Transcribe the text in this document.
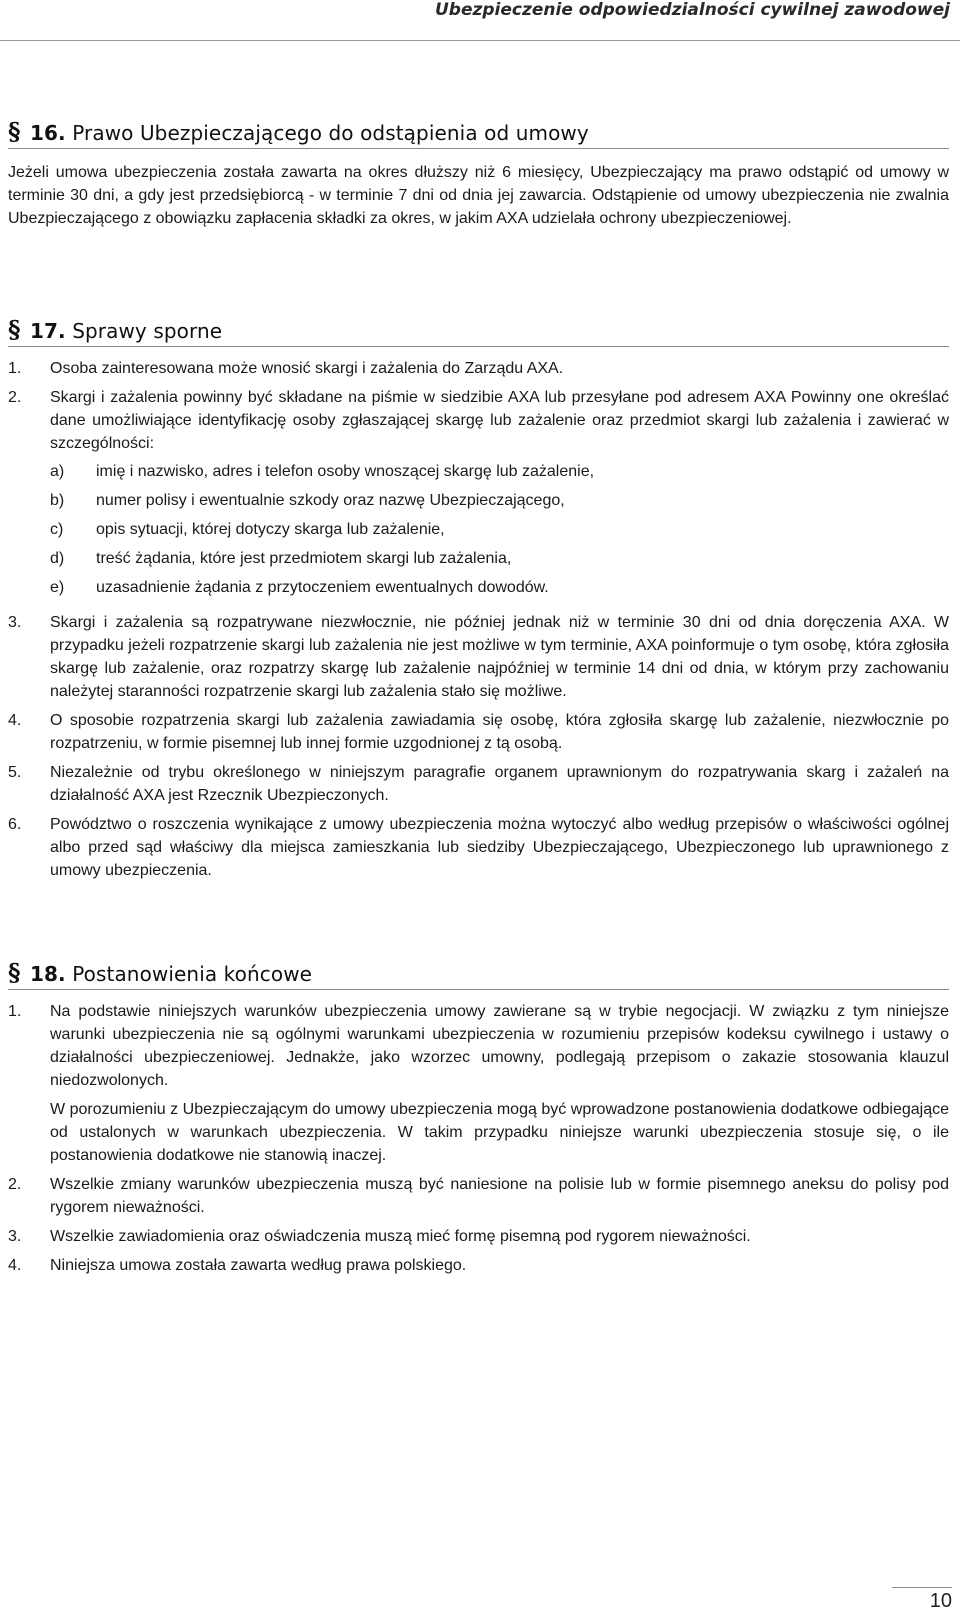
Ubezpieczenie odpowiedzialności cywilnej zawodowej
§ 16. Prawo Ubezpieczającego do odstąpienia od umowy
Jeżeli umowa ubezpieczenia została zawarta na okres dłuższy niż 6 miesięcy, Ubezpieczający ma prawo odstąpić od umowy w terminie 30 dni, a gdy jest przedsiębiorcą - w terminie 7 dni od dnia jej zawarcia. Odstąpienie od umowy ubezpieczenia nie zwalnia Ubezpieczającego z obowiązku zapłacenia składki za okres, w jakim AXA udzielała ochrony ubezpieczeniowej.
§ 17. Sprawy sporne
1.	Osoba zainteresowana może wnosić skargi i zażalenia do Zarządu AXA.
2.	Skargi i zażalenia powinny być składane na piśmie w siedzibie AXA lub przesyłane pod adresem AXA Powinny one określać dane umożliwiające identyfikację osoby zgłaszającej skargę lub zażalenie oraz przedmiot skargi lub zażalenia i zawierać w szczególności:
a)	imię i nazwisko, adres i telefon osoby wnoszącej skargę lub zażalenie,
b)	numer polisy i ewentualnie szkody oraz nazwę Ubezpieczającego,
c)	opis sytuacji, której dotyczy skarga lub zażalenie,
d)	treść żądania, które jest przedmiotem skargi lub zażalenia,
e)	uzasadnienie żądania z przytoczeniem ewentualnych dowodów.
3.	Skargi i zażalenia są rozpatrywane niezwłocznie, nie później jednak niż w terminie 30 dni od dnia doręczenia AXA. W przypadku jeżeli rozpatrzenie skargi lub zażalenia nie jest możliwe w tym terminie, AXA poinformuje o tym osobę, która zgłosiła skargę lub zażalenie, oraz rozpatrzy skargę lub zażalenie najpóźniej w terminie 14 dni od dnia, w którym przy zachowaniu należytej staranności rozpatrzenie skargi lub zażalenia stało się możliwe.
4.	O sposobie rozpatrzenia skargi lub zażalenia zawiadamia się osobę, która zgłosiła skargę lub zażalenie, niezwłocznie po rozpatrzeniu, w formie pisemnej lub innej formie uzgodnionej z tą osobą.
5.	Niezależnie od trybu określonego w niniejszym paragrafie organem uprawnionym do rozpatrywania skarg i zażaleń na działalność AXA jest Rzecznik Ubezpieczonych.
6.	Powództwo o roszczenia wynikające z umowy ubezpieczenia można wytoczyć albo według przepisów o właściwości ogólnej albo przed sąd właściwy dla miejsca zamieszkania lub siedziby Ubezpieczającego, Ubezpieczonego lub uprawnionego z umowy ubezpieczenia.
§ 18. Postanowienia końcowe
1.	Na podstawie niniejszych warunków ubezpieczenia umowy zawierane są w trybie negocjacji. W związku z tym niniejsze warunki ubezpieczenia nie są ogólnymi warunkami ubezpieczenia w rozumieniu przepisów kodeksu cywilnego i ustawy o działalności ubezpieczeniowej. Jednakże, jako wzorzec umowny, podlegają przepisom o zakazie stosowania klauzul niedozwolonych.
W porozumieniu z Ubezpieczającym do umowy ubezpieczenia mogą być wprowadzone postanowienia dodatkowe odbiegające od ustalonych w warunkach ubezpieczenia. W takim przypadku niniejsze warunki ubezpieczenia stosuje się, o ile postanowienia dodatkowe nie stanowią inaczej.
2.	Wszelkie zmiany warunków ubezpieczenia muszą być naniesione na polisie lub w formie pisemnego aneksu do polisy pod rygorem nieważności.
3.	Wszelkie zawiadomienia oraz oświadczenia muszą mieć formę pisemną pod rygorem nieważności.
4.	Niniejsza umowa została zawarta według prawa polskiego.
10
